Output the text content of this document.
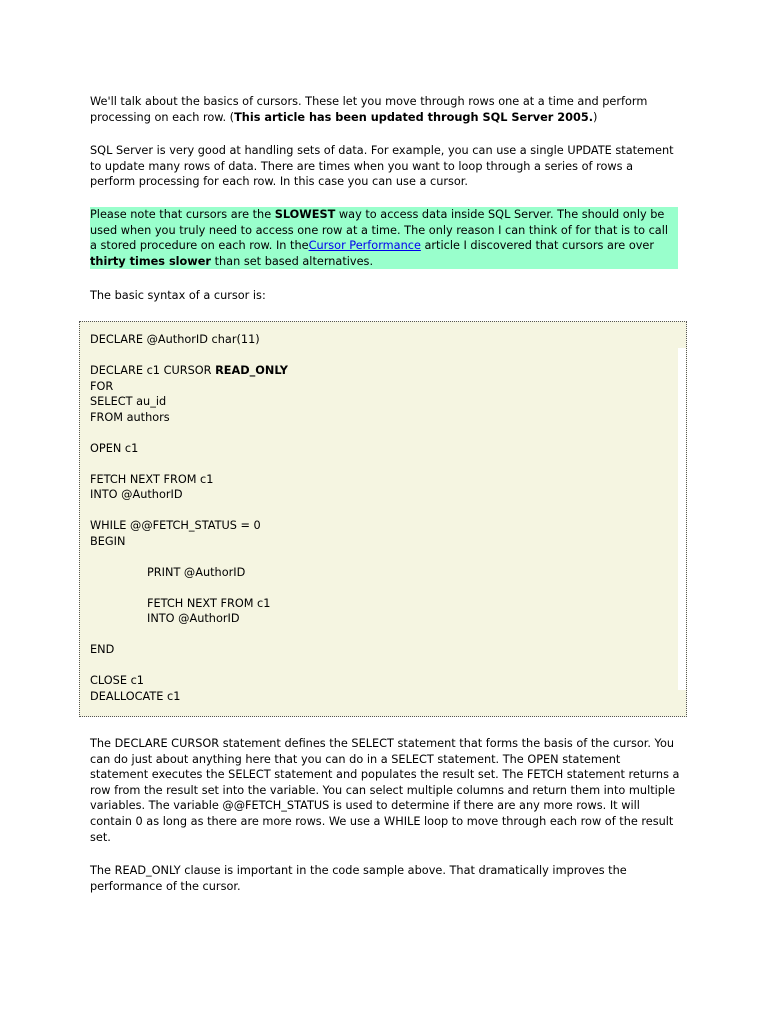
We'll talk about the basics of cursors. These let you move through rows one at a time and perform processing on each row. (This article has been updated through SQL Server 2005.)

SQL Server is very good at handling sets of data. For example, you can use a single UPDATE statement to update many rows of data. There are times when you want to loop through a series of rows a perform processing for each row. In this case you can use a cursor.

Please note that cursors are the SLOWEST way to access data inside SQL Server. The should only be used when you truly need to access one row at a time. The only reason I can think of for that is to call a stored procedure on each row. In theCursor Performance article I discovered that cursors are over thirty times slower than set based alternatives.

The basic syntax of a cursor is:

DECLARE @AuthorID char(11)
DECLARE c1 CURSOR READ_ONLY
FOR
SELECT au_id
FROM authors
OPEN c1
FETCH NEXT FROM c1
INTO @AuthorID
WHILE @@FETCH_STATUS = 0
BEGIN
PRINT @AuthorID
FETCH NEXT FROM c1
INTO @AuthorID
END
CLOSE c1
DEALLOCATE c1

The DECLARE CURSOR statement defines the SELECT statement that forms the basis of the cursor. You can do just about anything here that you can do in a SELECT statement. The OPEN statement statement executes the SELECT statement and populates the result set. The FETCH statement returns a row from the result set into the variable. You can select multiple columns and return them into multiple variables. The variable @@FETCH_STATUS is used to determine if there are any more rows. It will contain 0 as long as there are more rows. We use a WHILE loop to move through each row of the result set.

The READ_ONLY clause is important in the code sample above. That dramatically improves the performance of the cursor.
